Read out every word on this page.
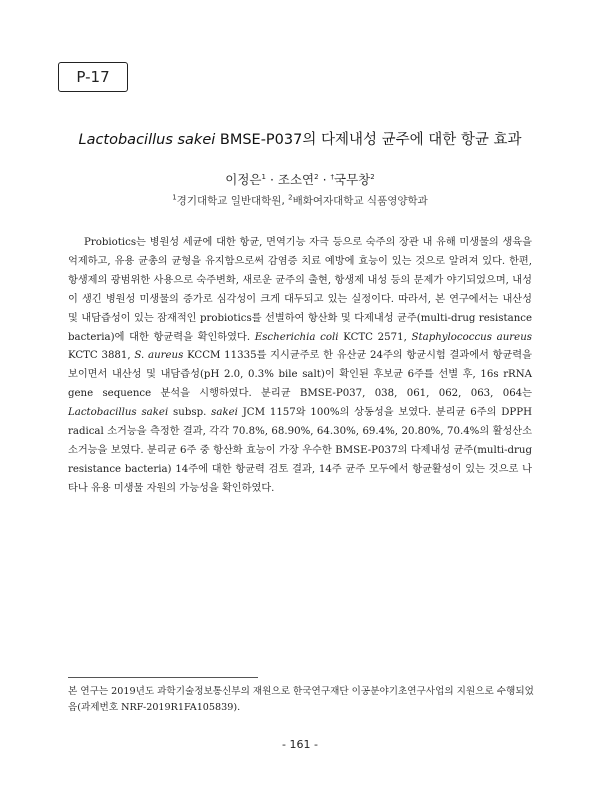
P-17
Lactobacillus sakei BMSE-P037의 다제내성 균주에 대한 항균 효과
이정은$^1$ · 조소연$^2$ · †국무창$^2$
$^1$경기대학교 일반대학원, $^2$배화여자대학교 식품영양학과

Probiotics는 병원성 세균에 대한 항균, 면역기능 자극 등으로 숙주의 장관 내 유해 미생물의 생육을 억제하고, 유용 균총의 균형을 유지함으로써 감염증 치료 예방에 효능이 있는 것으로 알려져 있다. 한편, 항생제의 광범위한 사용으로 숙주변화, 새로운 균주의 출현, 항생제 내성 등의 문제가 야기되었으며, 내성이 생긴 병원성 미생물의 증가로 심각성이 크게 대두되고 있는 실정이다. 따라서, 본 연구에서는 내산성 및 내담즙성이 있는 잠재적인 probiotics를 선별하여 항산화 및 다제내성 균주(multi-drug resistance bacteria)에 대한 항균력을 확인하였다. Escherichia coli KCTC 2571, Staphylococcus aureus KCTC 3881, S. aureus KCCM 11335를 지시균주로 한 유산균 24주의 항균시험 결과에서 항균력을 보이면서 내산성 및 내담즙성(pH 2.0, 0.3% bile salt)이 확인된 후보균 6주를 선별 후, 16s rRNA gene sequence 분석을 시행하였다. 분리균 BMSE-P037, 038, 061, 062, 063, 064는 Lactobacillus sakei subsp. sakei JCM 1157와 100%의 상동성을 보였다. 분리균 6주의 DPPH radical 소거능을 측정한 결과, 각각 70.8%, 68.90%, 64.30%, 69.4%, 20.80%, 70.4%의 활성산소 소거능을 보였다. 분리균 6주 중 항산화 효능이 가장 우수한 BMSE-P037의 다제내성 균주(multi-drug resistance bacteria) 14주에 대한 항균력 검토 결과, 14주 균주 모두에서 항균활성이 있는 것으로 나타나 유용 미생물 자원의 가능성을 확인하였다.

본 연구는 2019년도 과학기술정보통신부의 재원으로 한국연구재단 이공분야기초연구사업의 지원으로 수행되었음(과제번호 NRF-2019R1FA105839).

- 161 -
